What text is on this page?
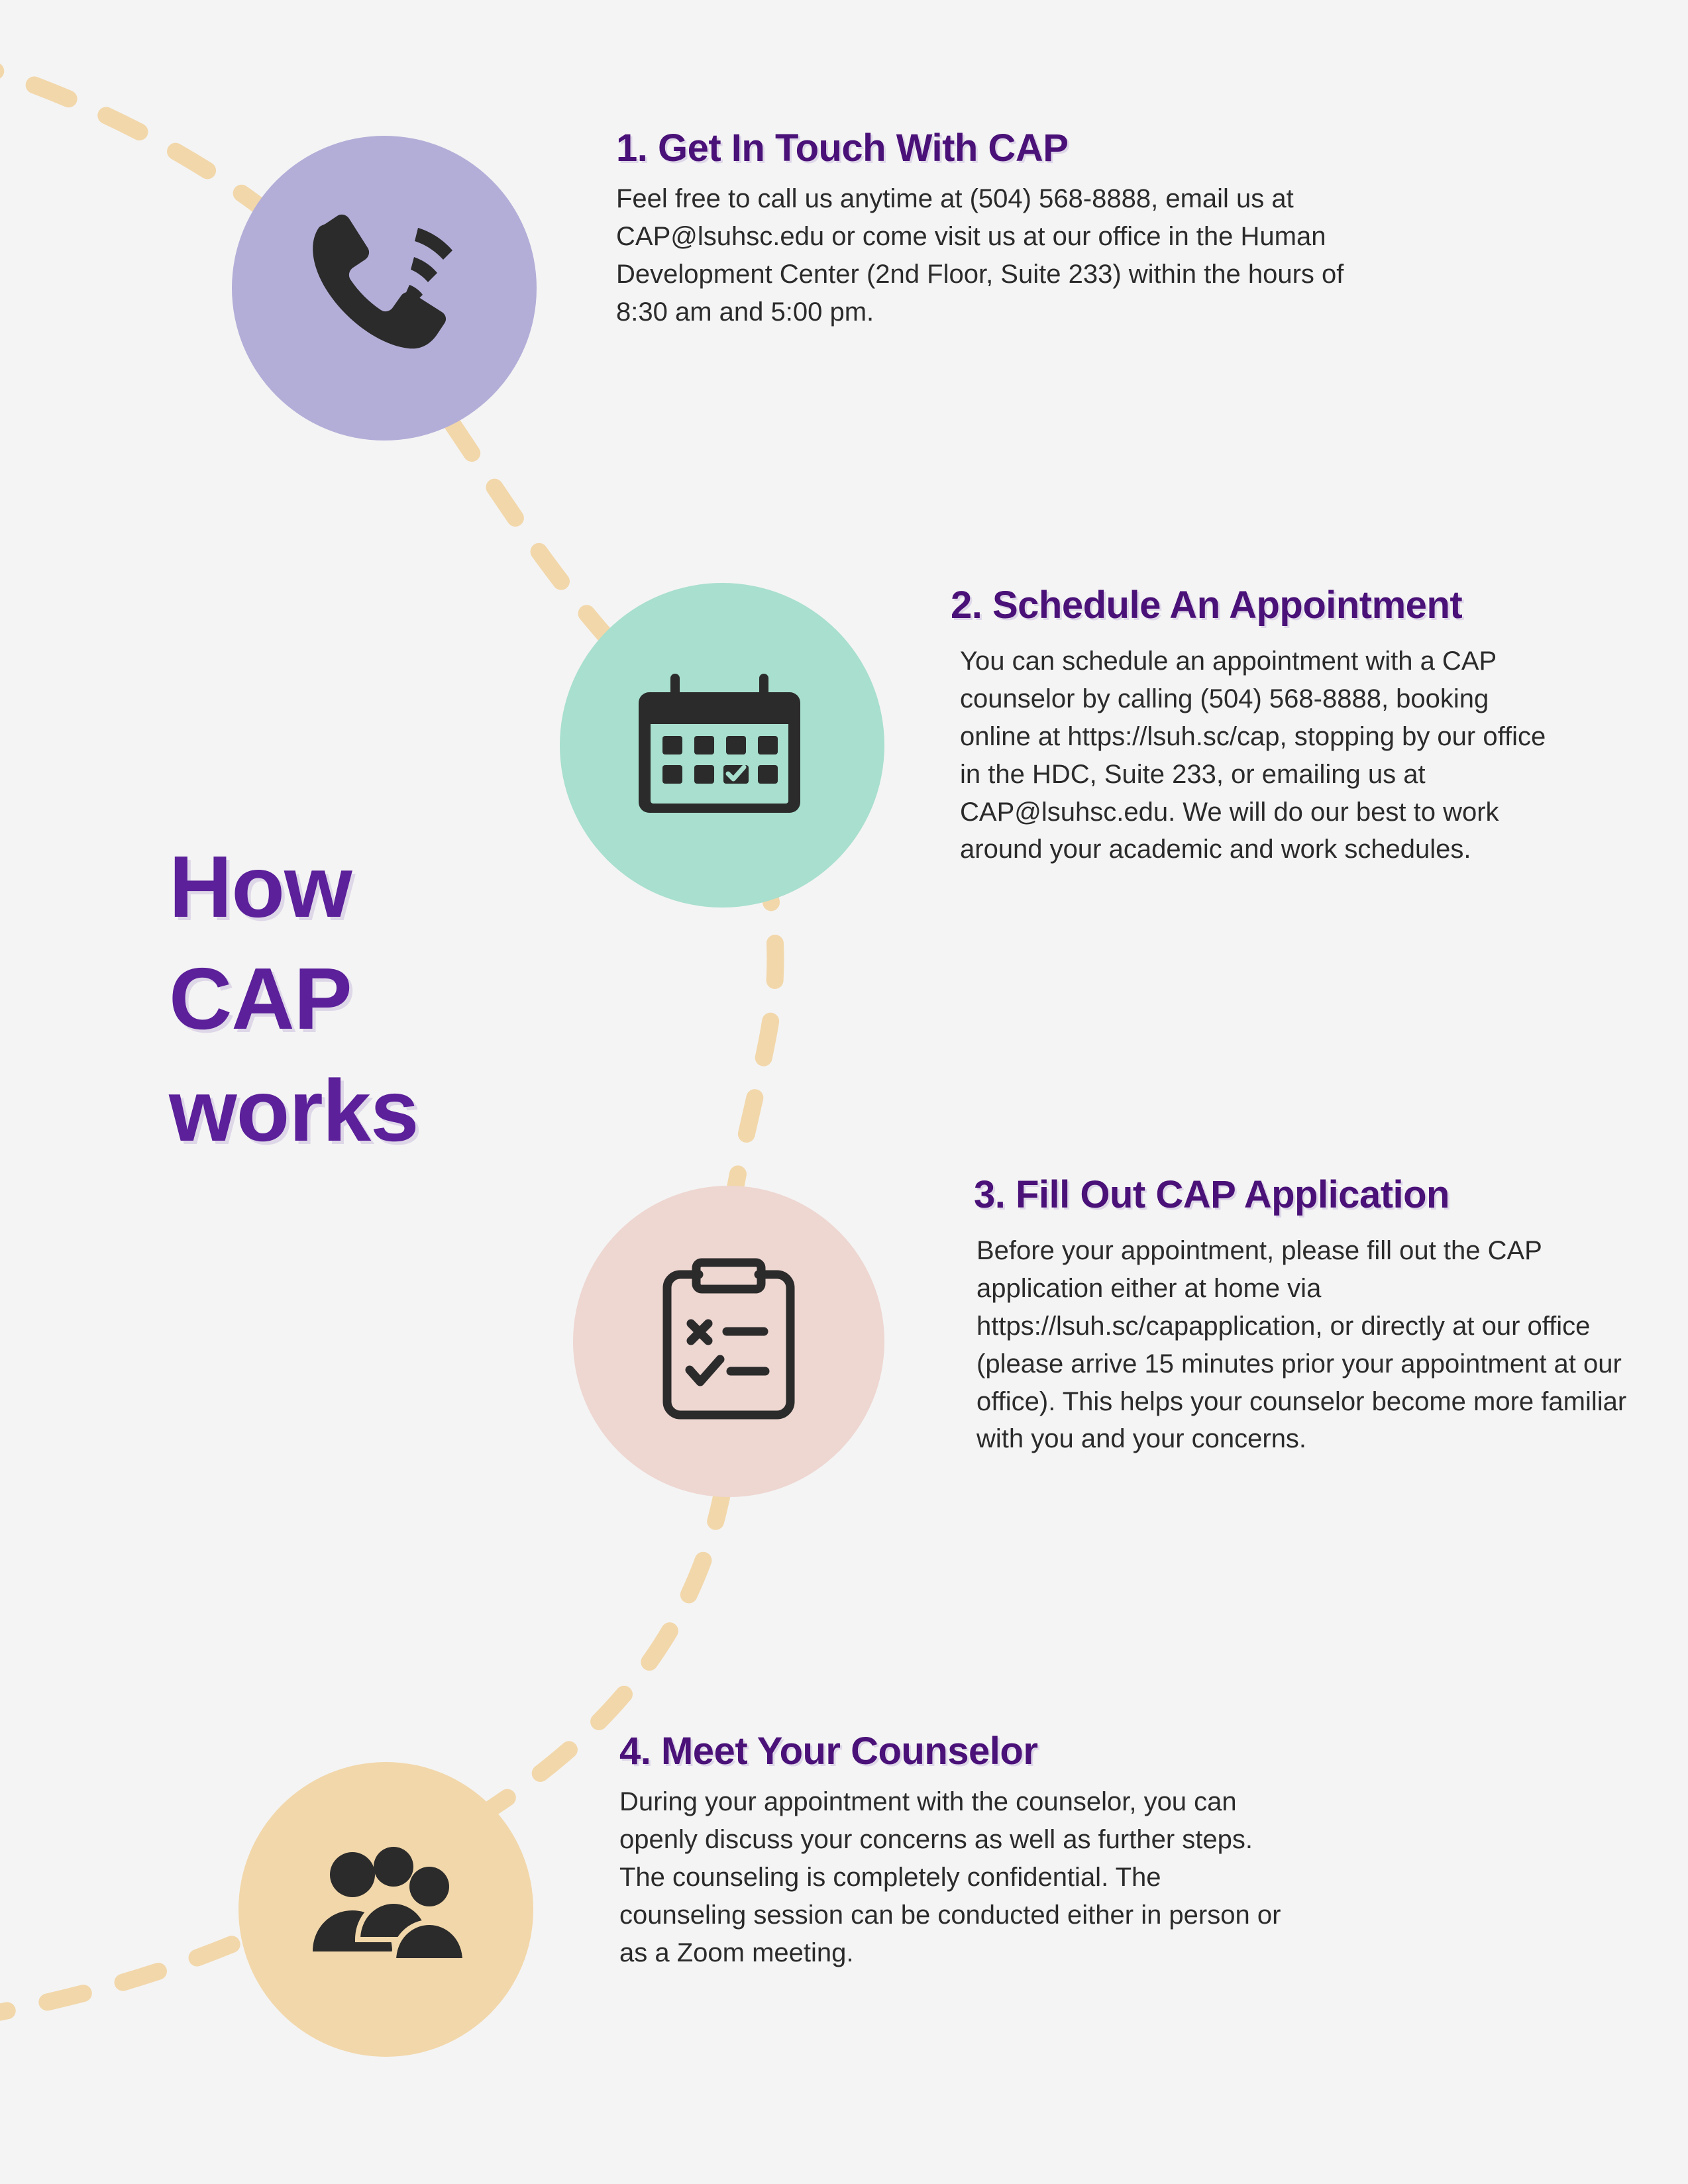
1. Get In Touch With CAP

Feel free to call us anytime at (504) 568-8888, email us at CAP@lsuhsc.edu or come visit us at our office in the Human Development Center (2nd Floor, Suite 233) within the hours of 8:30 am and 5:00 pm.

2. Schedule An Appointment

You can schedule an appointment with a CAP counselor by calling (504) 568-8888, booking online at https://lsuh.sc/cap, stopping by our office in the HDC, Suite 233, or emailing us at CAP@lsuhsc.edu. We will do our best to work around your academic and work schedules.

3. Fill Out CAP Application

Before your appointment, please fill out the CAP application either at home via https://lsuh.sc/capapplication, or directly at our office (please arrive 15 minutes prior your appointment at our office). This helps your counselor become more familiar with you and your concerns.

4. Meet Your Counselor

During your appointment with the counselor, you can openly discuss your concerns as well as further steps. The counseling is completely confidential. The counseling session can be conducted either in person or as a Zoom meeting.

How
CAP
works
